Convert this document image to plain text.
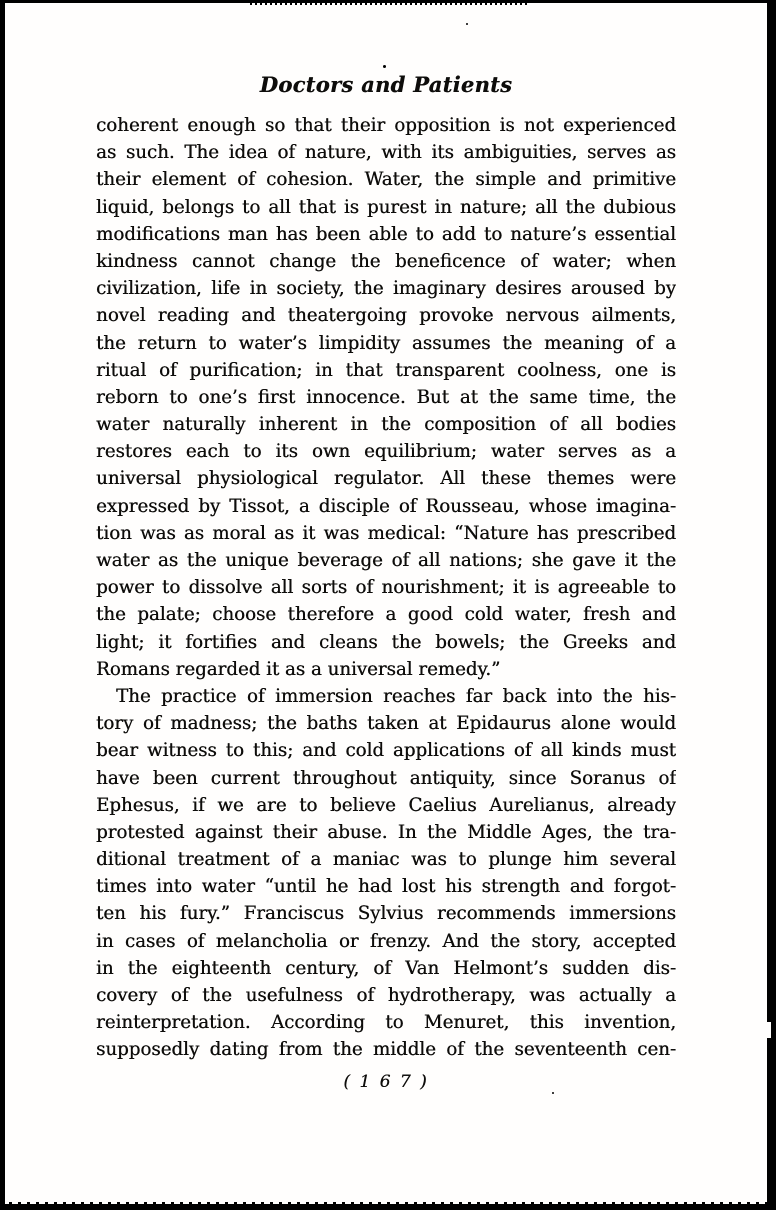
Doctors and Patients
coherent enough so that their opposition is not experienced
as such. The idea of nature, with its ambiguities, serves as
their element of cohesion. Water, the simple and primitive
liquid, belongs to all that is purest in nature; all the dubious
modifications man has been able to add to nature’s essential
kindness cannot change the beneficence of water; when
civilization, life in society, the imaginary desires aroused by
novel reading and theatergoing provoke nervous ailments,
the return to water’s limpidity assumes the meaning of a
ritual of purification; in that transparent coolness, one is
reborn to one’s first innocence. But at the same time, the
water naturally inherent in the composition of all bodies
restores each to its own equilibrium; water serves as a
universal physiological regulator. All these themes were
expressed by Tissot, a disciple of Rousseau, whose imagina-
tion was as moral as it was medical: “Nature has prescribed
water as the unique beverage of all nations; she gave it the
power to dissolve all sorts of nourishment; it is agreeable to
the palate; choose therefore a good cold water, fresh and
light; it fortifies and cleans the bowels; the Greeks and
Romans regarded it as a universal remedy.”
The practice of immersion reaches far back into the his-
tory of madness; the baths taken at Epidaurus alone would
bear witness to this; and cold applications of all kinds must
have been current throughout antiquity, since Soranus of
Ephesus, if we are to believe Caelius Aurelianus, already
protested against their abuse. In the Middle Ages, the tra-
ditional treatment of a maniac was to plunge him several
times into water “until he had lost his strength and forgot-
ten his fury.” Franciscus Sylvius recommends immersions
in cases of melancholia or frenzy. And the story, accepted
in the eighteenth century, of Van Helmont’s sudden dis-
covery of the usefulness of hydrotherapy, was actually a
reinterpretation. According to Menuret, this invention,
supposedly dating from the middle of the seventeenth cen-
( 1 6 7 )
